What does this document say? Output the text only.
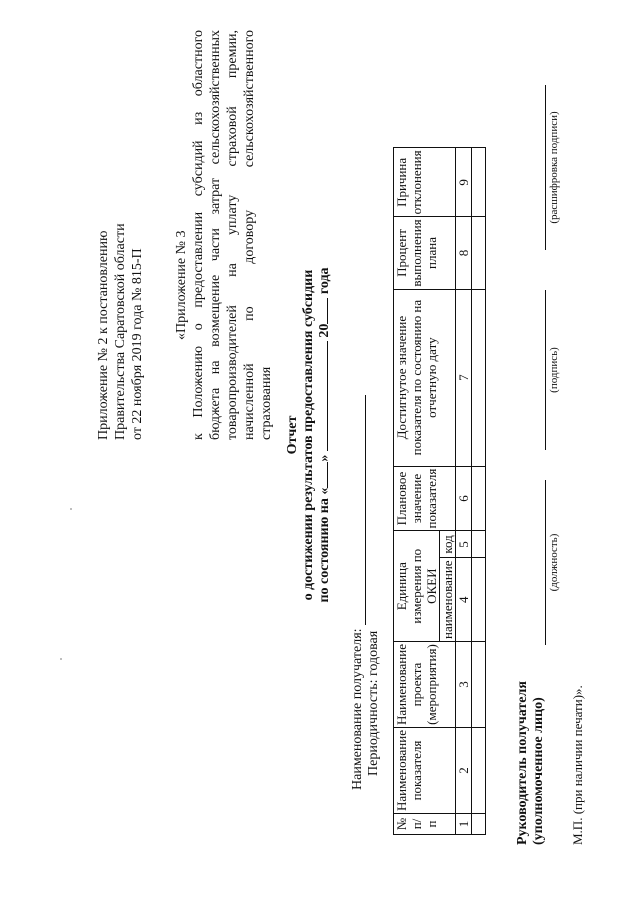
Приложение № 2 к постановлению Правительства Саратовской области от 22 ноября 2019 года № 815-П «Приложение № 3 к Положению о предоставлении субсидий из областного бюджета на возмещение части затрат сельскохозяйственных товаропроизводителей на уплату страховой премии, начисленной по договору сельскохозяйственного страхования Отчет о достижении результатов предоставления субсидии по состоянию на «»  20 года
Наименование получателя: Периодичность: годовая
№ п/п	Наименование показателя	Наименование проекта (мероприятия)	Единица измерения по ОКЕИ		Плановое значение показателя	Достигнутое значение показателя по состоянию на отчетную дату	Процент выполнения плана	Причина отклонения
			наименование	код				
1	2	3	4	5	6	7	8	9

Руководитель получателя (уполномоченное лицо)
(должность)
(подпись)
(расшифровка подписи)
М.П. (при наличии печати)».
